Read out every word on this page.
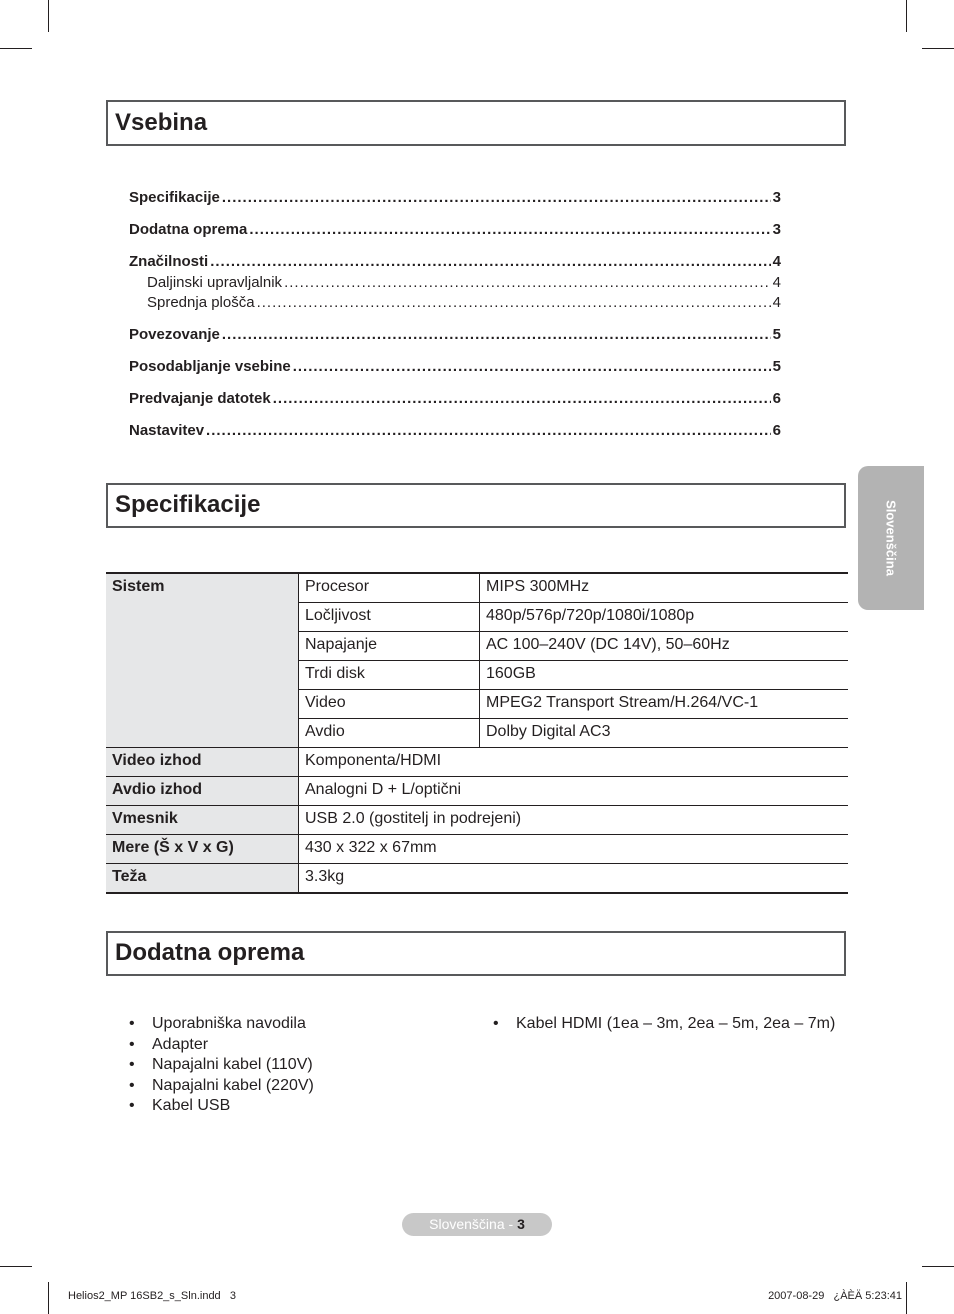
Vsebina
Specifikacije .....	3
Dodatna oprema .....	3
Značilnosti .....	4
Daljinski upravljalnik .....	4
Sprednja plošča .....	4
Povezovanje .....	5
Posodabljanje vsebine .....	5
Predvajanje datotek .....	6
Nastavitev .....	6
Specifikacije
Sistem	Procesor	MIPS 300MHz
	Ločljivost	480p/576p/720p/1080i/1080p
	Napajanje	AC 100–240V (DC 14V), 50–60Hz
	Trdi disk	160GB
	Video	MPEG2 Transport Stream/H.264/VC-1
	Avdio	Dolby Digital AC3
Video izhod	Komponenta/HDMI	
Avdio izhod	Analogni D + L/optični	
Vmesnik	USB 2.0 (gostitelj in podrejeni)	
Mere (Š x V x G)	430 x 322 x 67mm	
Teža	3.3kg	
Dodatna oprema
• Uporabniška navodila
• Adapter
• Napajalni kabel (110V)
• Napajalni kabel (220V)
• Kabel USB
• Kabel HDMI (1ea – 3m, 2ea – 5m, 2ea – 7m)
Slovenščina
Slovenščina - 3
Helios2_MP 16SB2_s_Sln.indd   3	2007-08-29   ¿ÀÈÄ 5:23:41
